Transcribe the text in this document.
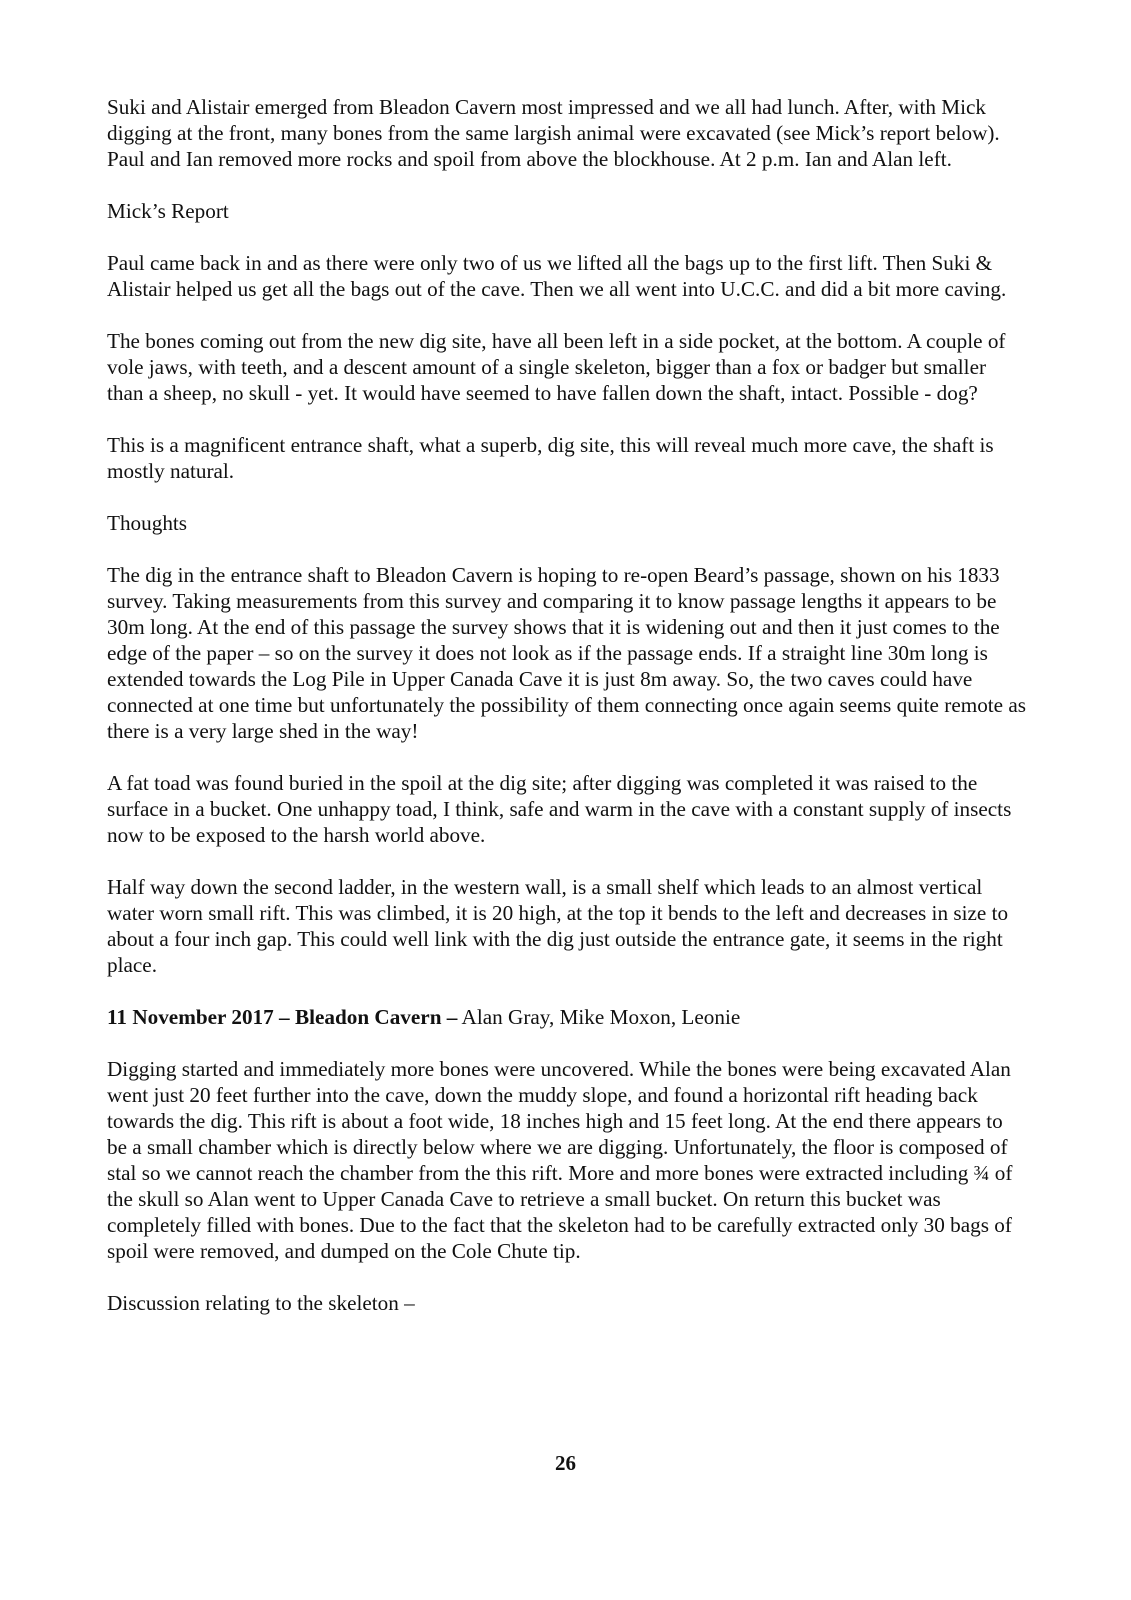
Suki and Alistair emerged from Bleadon Cavern most impressed and we all had lunch. After, with Mick digging at the front, many bones from the same largish animal were excavated (see Mick’s report below). Paul and Ian removed more rocks and spoil from above the blockhouse. At 2 p.m. Ian and Alan left.

Mick’s Report

Paul came back in and as there were only two of us we lifted all the bags up to the first lift. Then Suki & Alistair helped us get all the bags out of the cave. Then we all went into U.C.C. and did a bit more caving.

The bones coming out from the new dig site, have all been left in a side pocket, at the bottom. A couple of vole jaws, with teeth, and a descent amount of a single skeleton, bigger than a fox or badger but smaller than a sheep, no skull - yet. It would have seemed to have fallen down the shaft, intact. Possible - dog?

This is a magnificent entrance shaft, what a superb, dig site, this will reveal much more cave, the shaft is mostly natural.

Thoughts

The dig in the entrance shaft to Bleadon Cavern is hoping to re-open Beard’s passage, shown on his 1833 survey. Taking measurements from this survey and comparing it to know passage lengths it appears to be 30m long. At the end of this passage the survey shows that it is widening out and then it just comes to the edge of the paper – so on the survey it does not look as if the passage ends. If a straight line 30m long is extended towards the Log Pile in Upper Canada Cave it is just 8m away. So, the two caves could have connected at one time but unfortunately the possibility of them connecting once again seems quite remote as there is a very large shed in the way!

A fat toad was found buried in the spoil at the dig site; after digging was completed it was raised to the surface in a bucket. One unhappy toad, I think, safe and warm in the cave with a constant supply of insects now to be exposed to the harsh world above.

Half way down the second ladder, in the western wall, is a small shelf which leads to an almost vertical water worn small rift. This was climbed, it is 20 high, at the top it bends to the left and decreases in size to about a four inch gap. This could well link with the dig just outside the entrance gate, it seems in the right place.

11 November 2017 – Bleadon Cavern – Alan Gray, Mike Moxon, Leonie

Digging started and immediately more bones were uncovered. While the bones were being excavated Alan went just 20 feet further into the cave, down the muddy slope, and found a horizontal rift heading back towards the dig. This rift is about a foot wide, 18 inches high and 15 feet long. At the end there appears to be a small chamber which is directly below where we are digging. Unfortunately, the floor is composed of stal so we cannot reach the chamber from the this rift. More and more bones were extracted including ¾ of the skull so Alan went to Upper Canada Cave to retrieve a small bucket. On return this bucket was completely filled with bones. Due to the fact that the skeleton had to be carefully extracted only 30 bags of spoil were removed, and dumped on the Cole Chute tip.

Discussion relating to the skeleton –

26
